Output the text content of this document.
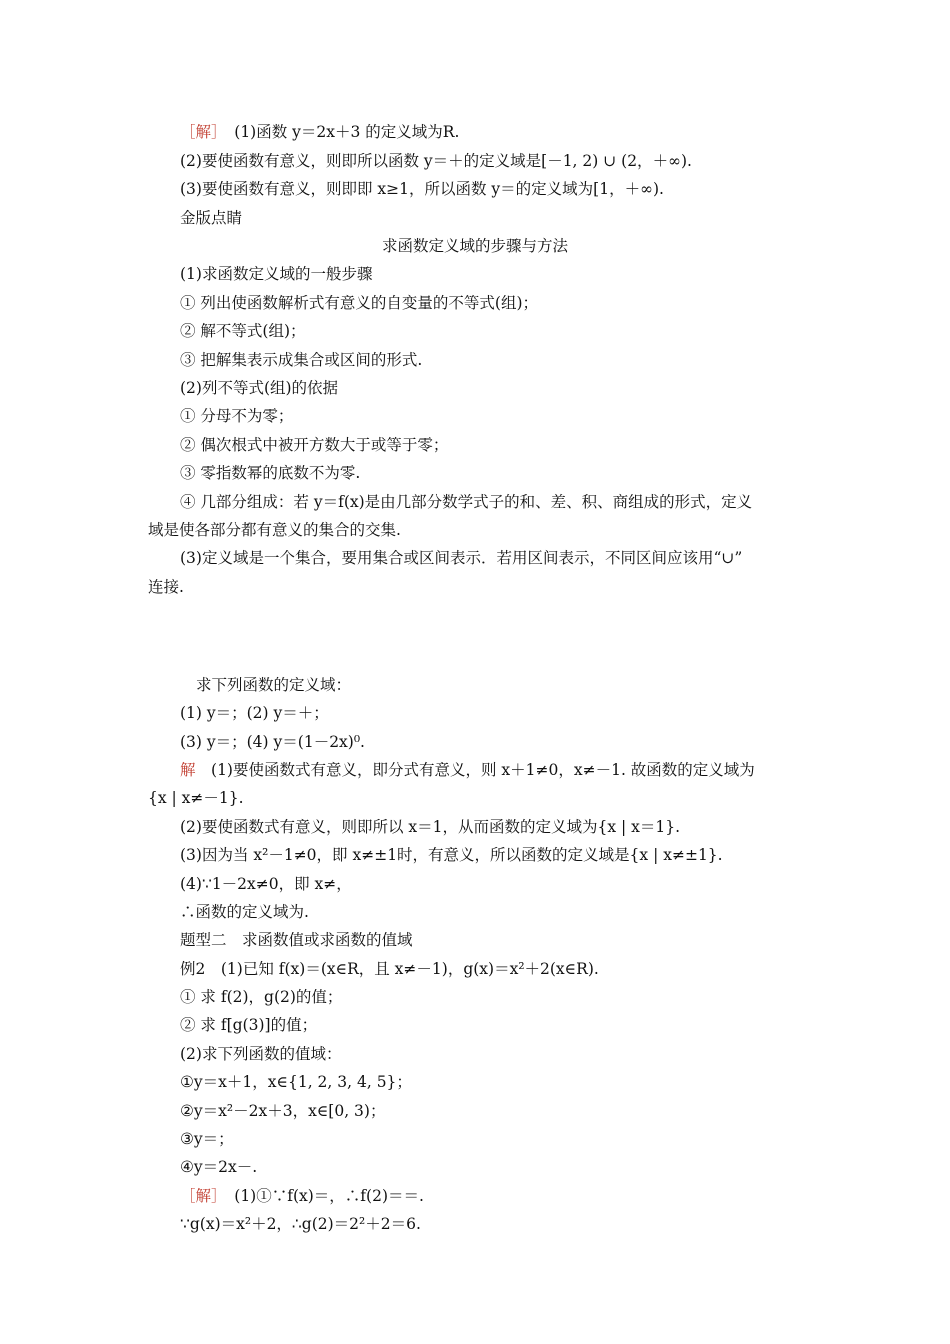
［解］　(1)函数 y＝2x＋3 的定义域为R.
(2)要使函数有意义，则即所以函数 y＝＋的定义域是[－1, 2) ∪ (2，＋∞).
(3)要使函数有意义，则即即 x≥1，所以函数 y＝的定义域为[1，＋∞).
金版点睛
求函数定义域的步骤与方法
(1)求函数定义域的一般步骤
① 列出使函数解析式有意义的自变量的不等式(组)；
② 解不等式(组)；
③ 把解集表示成集合或区间的形式.
(2)列不等式(组)的依据
① 分母不为零；
② 偶次根式中被开方数大于或等于零；
③ 零指数幂的底数不为零.
④ 几部分组成：若 y＝f(x)是由几部分数学式子的和、差、积、商组成的形式，定义
域是使各部分都有意义的集合的交集.
(3)定义域是一个集合，要用集合或区间表示．若用区间表示，不同区间应该用“∪”
连接.
求下列函数的定义域：
(1) y＝；(2) y＝＋；
(3) y＝；(4) y＝(1－2x)⁰.
解　(1)要使函数式有意义，即分式有意义，则 x＋1≠0，x≠－1. 故函数的定义域为
{x | x≠－1}.
(2)要使函数式有意义，则即所以 x＝1，从而函数的定义域为{x | x＝1}.
(3)因为当 x²－1≠0，即 x≠±1时，有意义，所以函数的定义域是{x | x≠±1}.
(4)∵1－2x≠0，即 x≠，
∴函数的定义域为.
题型二　求函数值或求函数的值域
例2　(1)已知 f(x)＝(x∈R，且 x≠－1)，g(x)＝x²＋2(x∈R).
① 求 f(2)，g(2)的值；
② 求 f[g(3)]的值；
(2)求下列函数的值域：
①y＝x＋1，x∈{1, 2, 3, 4, 5}；
②y＝x²－2x＋3，x∈[0, 3)；
③y＝；
④y＝2x－.
［解］　(1)①∵f(x)＝，∴f(2)＝＝.
∵g(x)＝x²＋2，∴g(2)＝2²＋2＝6.
